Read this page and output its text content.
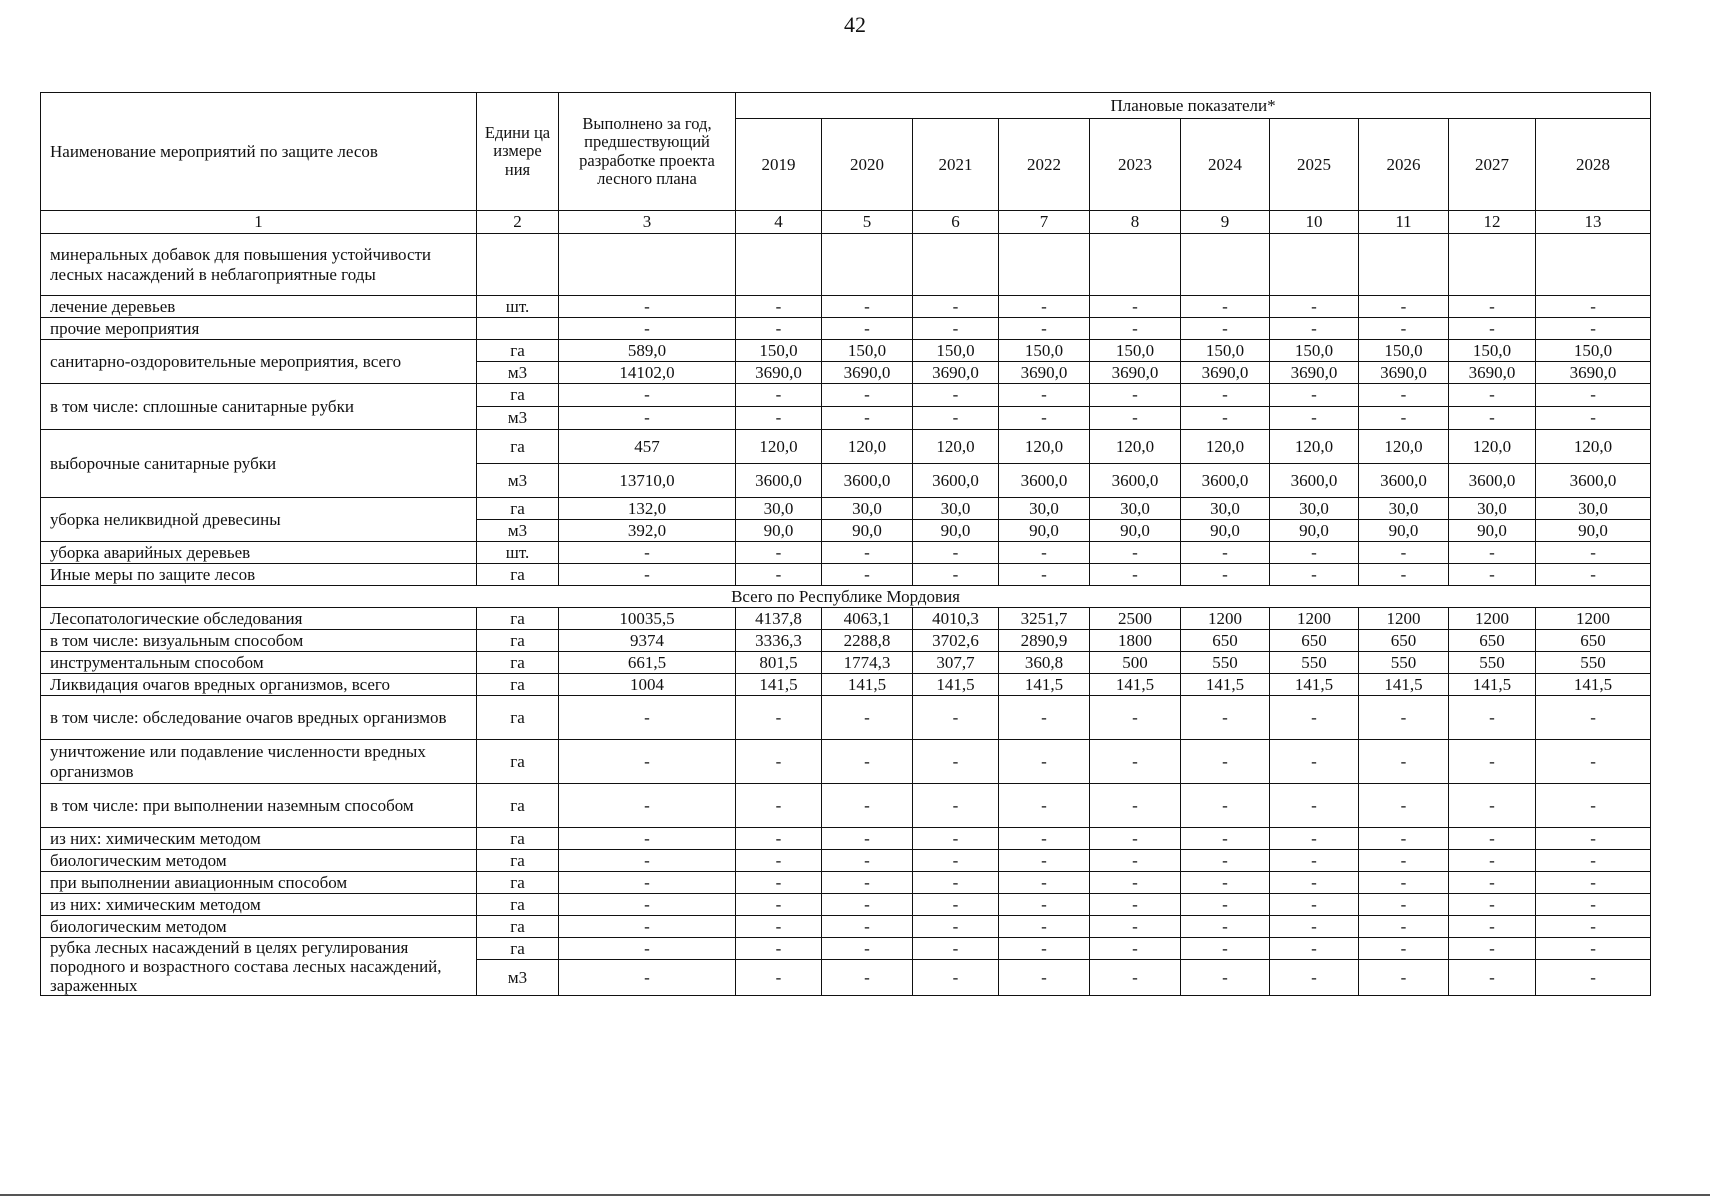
42
Наименование мероприятий по защите лесов	Едини ца измере ния	Выполнено за год, предшествующий разработке проекта лесного плана	Плановые показатели*									
			2019	2020	2021	2022	2023	2024	2025	2026	2027	2028
1	2	3	4	5	6	7	8	9	10	11	12	13
минеральных добавок для повышения устойчивости лесных насаждений в неблагоприятные годы												
лечение деревьев	шт.	-	-	-	-	-	-	-	-	-	-	-
прочие мероприятия		-	-	-	-	-	-	-	-	-	-	-
санитарно-оздоровительные мероприятия, всего	га	589,0	150,0	150,0	150,0	150,0	150,0	150,0	150,0	150,0	150,0	150,0
	м3	14102,0	3690,0	3690,0	3690,0	3690,0	3690,0	3690,0	3690,0	3690,0	3690,0	3690,0
в том числе: сплошные санитарные рубки	га	-	-	-	-	-	-	-	-	-	-	-
	м3	-	-	-	-	-	-	-	-	-	-	-
выборочные санитарные рубки	га	457	120,0	120,0	120,0	120,0	120,0	120,0	120,0	120,0	120,0	120,0
	м3	13710,0	3600,0	3600,0	3600,0	3600,0	3600,0	3600,0	3600,0	3600,0	3600,0	3600,0
уборка неликвидной древесины	га	132,0	30,0	30,0	30,0	30,0	30,0	30,0	30,0	30,0	30,0	30,0
	м3	392,0	90,0	90,0	90,0	90,0	90,0	90,0	90,0	90,0	90,0	90,0
уборка аварийных деревьев	шт.	-	-	-	-	-	-	-	-	-	-	-
Иные меры по защите лесов	га	-	-	-	-	-	-	-	-	-	-	-
Всего по Республике Мордовия												
Лесопатологические обследования	га	10035,5	4137,8	4063,1	4010,3	3251,7	2500	1200	1200	1200	1200	1200
в том числе: визуальным способом	га	9374	3336,3	2288,8	3702,6	2890,9	1800	650	650	650	650	650
инструментальным способом	га	661,5	801,5	1774,3	307,7	360,8	500	550	550	550	550	550
Ликвидация очагов вредных организмов, всего	га	1004	141,5	141,5	141,5	141,5	141,5	141,5	141,5	141,5	141,5	141,5
в том числе: обследование очагов вредных организмов	га	-	-	-	-	-	-	-	-	-	-	-
уничтожение или подавление численности вредных организмов	га	-	-	-	-	-	-	-	-	-	-	-
в том числе: при выполнении наземным способом	га	-	-	-	-	-	-	-	-	-	-	-
из них: химическим методом	га	-	-	-	-	-	-	-	-	-	-	-
биологическим методом	га	-	-	-	-	-	-	-	-	-	-	-
при выполнении авиационным способом	га	-	-	-	-	-	-	-	-	-	-	-
из них: химическим методом	га	-	-	-	-	-	-	-	-	-	-	-
биологическим методом	га	-	-	-	-	-	-	-	-	-	-	-
рубка лесных насаждений в целях регулирования породного и возрастного состава лесных насаждений, зараженных	га	-	-	-	-	-	-	-	-	-	-	-
	м3	-	-	-	-	-	-	-	-	-	-	-
